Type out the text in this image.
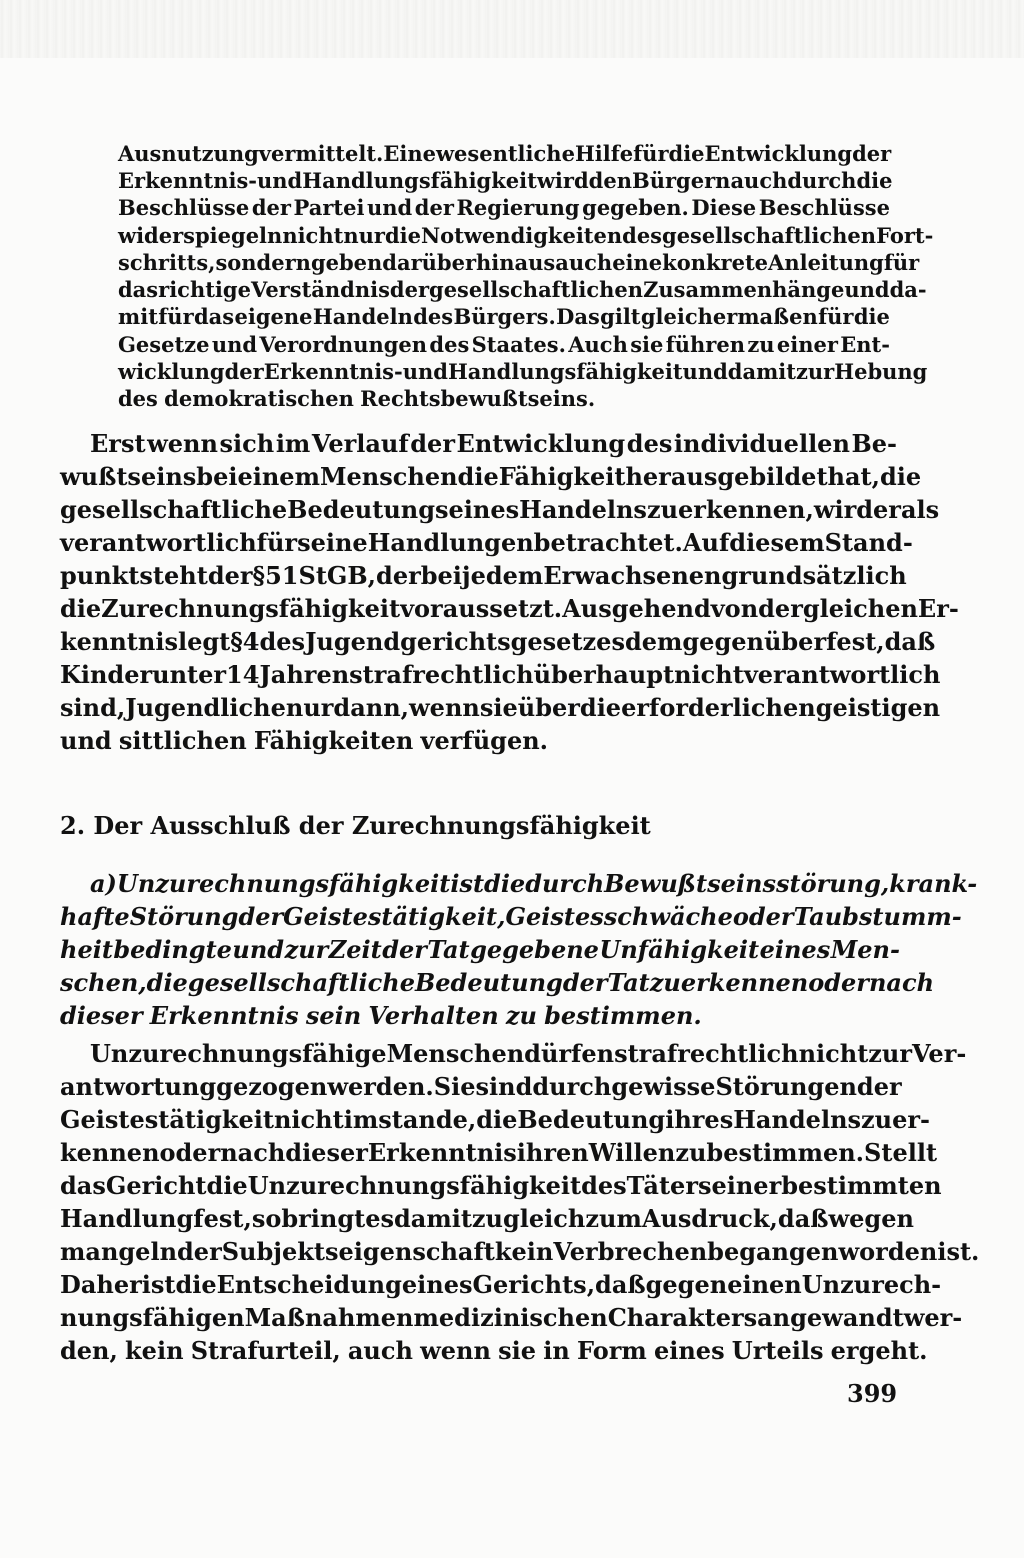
Ausnutzung vermittelt. Eine wesentliche Hilfe für die Entwicklung der
Erkenntnis- und Handlungsfähigkeit wird den Bürgern auch durch die
Beschlüsse der Partei und der Regierung gegeben. Diese Beschlüsse
widerspiegeln nicht nur die Notwendigkeiten des gesellschaftlichen Fort-
schritts, sondern geben darüber hinaus auch eine konkrete Anleitung für
das richtige Verständnis der gesellschaftlichen Zusammenhänge und da-
mit für das eigene Handeln des Bürgers. Das gilt gleichermaßen für die
Gesetze und Verordnungen des Staates. Auch sie führen zu einer Ent-
wicklung der Erkenntnis- und Handlungsfähigkeit und damit zur Hebung
des demokratischen Rechtsbewußtseins.
Erst wenn sich im Verlauf der Entwicklung des individuellen Be-
wußtseins bei einem Menschen die Fähigkeit herausgebildet hat, die
gesellschaftliche Bedeutung seines Handelns zu erkennen, wird er als
verantwortlich für seine Handlungen betrachtet. Auf diesem Stand-
punkt steht der § 51 StGB, der bei jedem Erwachsenen grundsätzlich
die Zurechnungsfähigkeit voraussetzt. Ausgehend von der gleichen Er-
kenntnis legt § 4 des Jugendgerichtsgesetzes demgegenüber fest, daß
Kinder unter 14 Jahren strafrechtlich überhaupt nicht verantwortlich
sind, Jugendliche nur dann, wenn sie über die erforderlichen geistigen
und sittlichen Fähigkeiten verfügen.
2. Der Ausschluß der Zurechnungsfähigkeit
a) Unzurechnungsfähigkeit ist die durch Bewußtseinsstörung, krank-
hafte Störung der Geistestätigkeit, Geistesschwäche oder Taubstumm-
heit bedingte und zur Zeit der Tat gegebene Unfähigkeit eines Men-
schen, die gesellschaftliche Bedeutung der Tat zu erkennen oder nach
dieser Erkenntnis sein Verhalten zu bestimmen.
Unzurechnungsfähige Menschen dürfen strafrechtlich nicht zur Ver-
antwortung gezogen werden. Sie sind durch gewisse Störungen der
Geistestätigkeit nicht imstande, die Bedeutung ihres Handelns zu er-
kennen oder nach dieser Erkenntnis ihren Willen zu bestimmen. Stellt
das Gericht die Unzurechnungsfähigkeit des Täters einer bestimmten
Handlung fest, so bringt es damit zugleich zum Ausdruck, daß wegen
mangelnder Subjektseigenschaft kein Verbrechen begangen worden ist.
Daher ist die Entscheidung eines Gerichts, daß gegen einen Unzurech-
nungsfähigen Maßnahmen medizinischen Charakters angewandt wer-
den, kein Strafurteil, auch wenn sie in Form eines Urteils ergeht.
399
